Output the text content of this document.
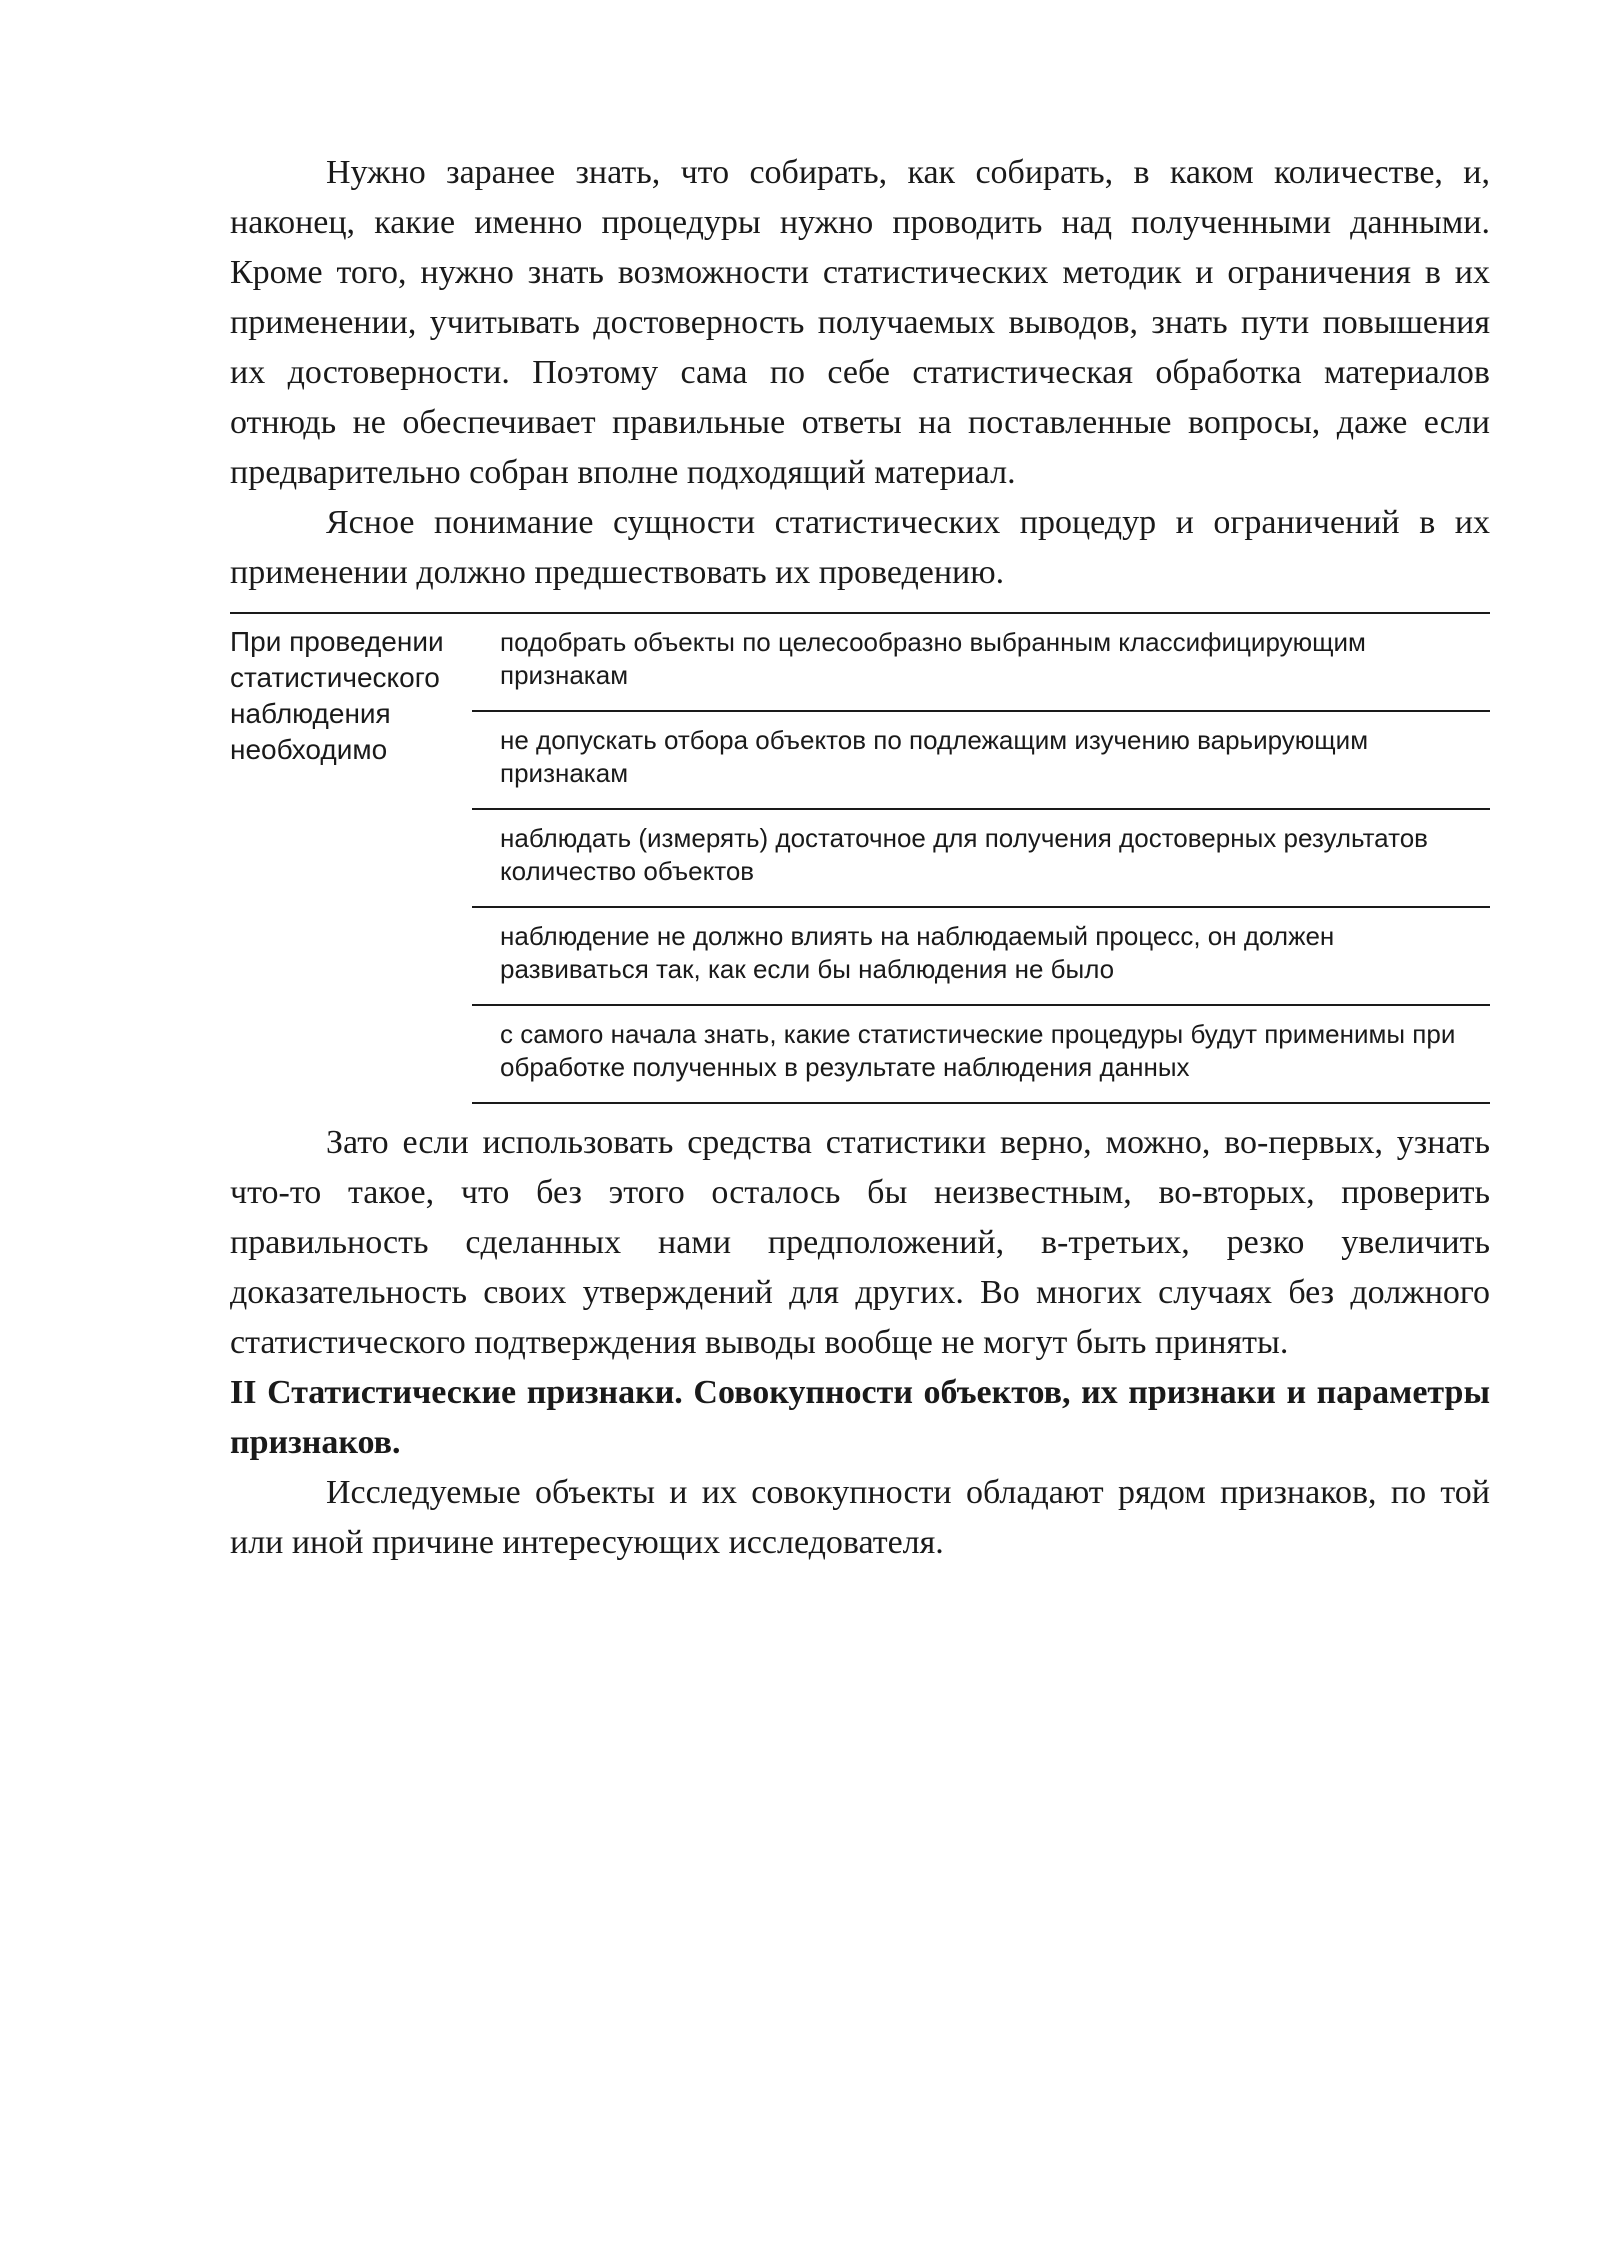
Нужно заранее знать, что собирать, как собирать, в каком количестве, и, наконец, какие именно процедуры нужно проводить над полученными данными. Кроме того, нужно знать возможности статистических методик и ограничения в их применении, учитывать достоверность получаемых выводов, знать пути повышения их достоверности. Поэтому сама по себе статистическая обработка материалов отнюдь не обеспечивает правильные ответы на поставленные вопросы, даже если предварительно собран вполне подходящий материал.

Ясное понимание сущности статистических процедур и ограничений в их применении должно предшествовать их проведению.

При проведении статистического наблюдения необходимо
подобрать объекты по целесообразно выбранным классифицирующим признакам
не допускать отбора объектов по подлежащим изучению варьирующим признакам
наблюдать (измерять) достаточное для получения достоверных результатов количество объектов
наблюдение не должно влиять на наблюдаемый процесс, он должен развиваться так, как если бы наблюдения не было
с самого начала знать, какие статистические процедуры будут применимы при обработке полученных в результате наблюдения данных

Зато если использовать средства статистики верно, можно, во-первых, узнать что-то такое, что без этого осталось бы неизвестным, во-вторых, проверить правильность сделанных нами предположений, в-третьих, резко увеличить доказательность своих утверждений для других. Во многих случаях без должного статистического подтверждения выводы вообще не могут быть приняты.

II Статистические признаки. Совокупности объектов, их признаки и параметры признаков.

Исследуемые объекты и их совокупности обладают рядом признаков, по той или иной причине интересующих исследователя.
